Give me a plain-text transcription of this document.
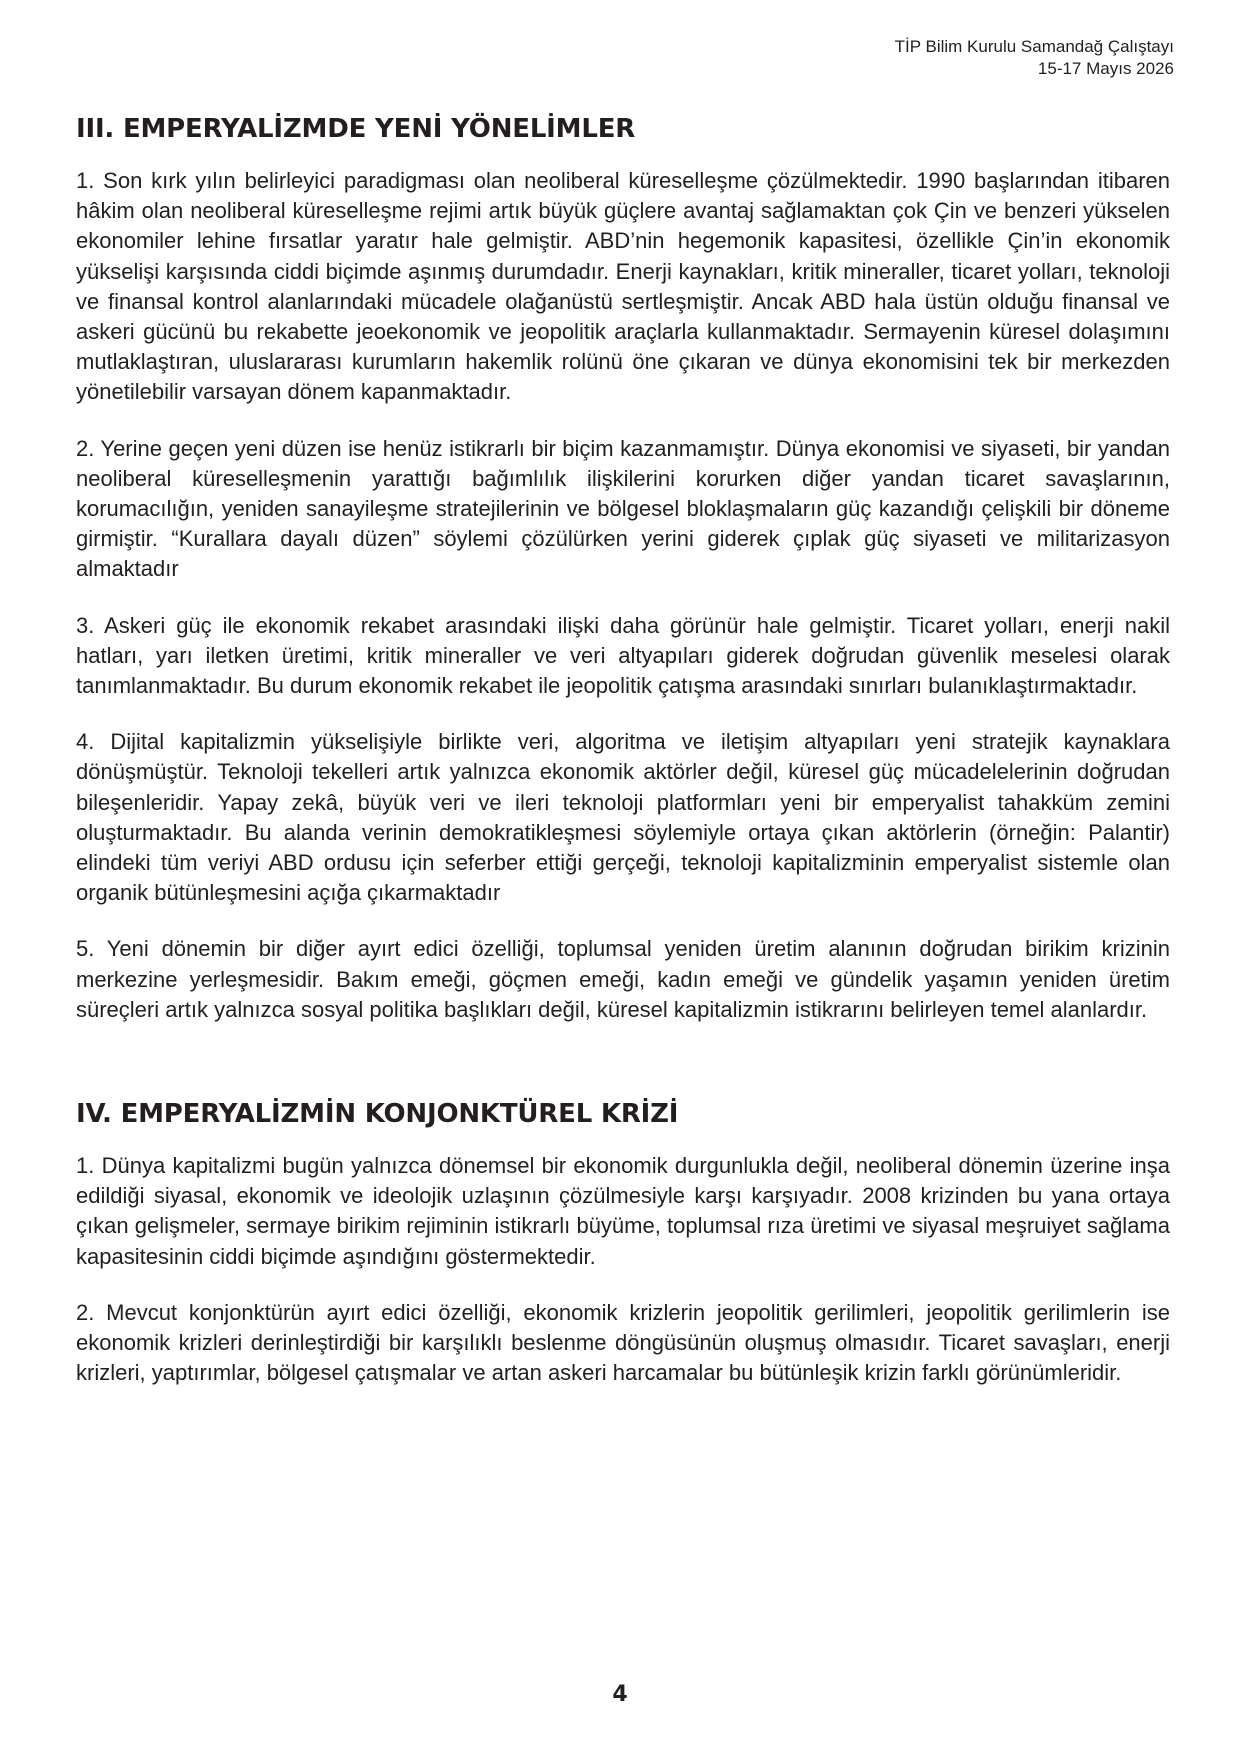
TİP Bilim Kurulu Samandağ Çalıştayı
15-17 Mayıs 2026
III. EMPERYALİZMDE YENİ YÖNELİMLER

1. Son kırk yılın belirleyici paradigması olan neoliberal küreselleşme çözülmektedir. 1990 başlarından itibaren hâkim olan neoliberal küreselleşme rejimi artık büyük güçlere avantaj sağlamaktan çok Çin ve benzeri yükselen ekonomiler lehine fırsatlar yaratır hale gelmiştir. ABD’nin hegemonik kapasitesi, özellikle Çin’in ekonomik yükselişi karşısında ciddi biçimde aşınmış durumdadır. Enerji kaynakları, kritik mineraller, ticaret yolları, teknoloji ve finansal kontrol alanlarındaki mücadele olağanüstü sertleşmiştir. Ancak ABD hala üstün olduğu finansal ve askeri gücünü bu rekabette jeoekonomik ve jeopolitik araçlarla kullanmaktadır. Sermayenin küresel dolaşımını mutlaklaştıran, uluslararası kurumların hakemlik rolünü öne çıkaran ve dünya ekonomisini tek bir merkezden yönetilebilir varsayan dönem kapanmaktadır.

2. Yerine geçen yeni düzen ise henüz istikrarlı bir biçim kazanmamıştır. Dünya ekonomisi ve siyaseti, bir yandan neoliberal küreselleşmenin yarattığı bağımlılık ilişkilerini korurken diğer yandan ticaret savaşlarının, korumacılığın, yeniden sanayileşme stratejilerinin ve bölgesel bloklaşmaların güç kazandığı çelişkili bir döneme girmiştir. “Kurallara dayalı düzen” söylemi çözülürken yerini giderek çıplak güç siyaseti ve militarizasyon almaktadır

3. Askeri güç ile ekonomik rekabet arasındaki ilişki daha görünür hale gelmiştir. Ticaret yolları, enerji nakil hatları, yarı iletken üretimi, kritik mineraller ve veri altyapıları giderek doğrudan güvenlik meselesi olarak tanımlanmaktadır. Bu durum ekonomik rekabet ile jeopolitik çatışma arasındaki sınırları bulanıklaştırmaktadır.

4. Dijital kapitalizmin yükselişiyle birlikte veri, algoritma ve iletişim altyapıları yeni stratejik kaynaklara dönüşmüştür. Teknoloji tekelleri artık yalnızca ekonomik aktörler değil, küresel güç mücadelelerinin doğrudan bileşenleridir. Yapay zekâ, büyük veri ve ileri teknoloji platformları yeni bir emperyalist tahakküm zemini oluşturmaktadır. Bu alanda verinin demokratikleşmesi söylemiyle ortaya çıkan aktörlerin (örneğin: Palantir) elindeki tüm veriyi ABD ordusu için seferber ettiği gerçeği, teknoloji kapitalizminin emperyalist sistemle olan organik bütünleşmesini açığa çıkarmaktadır

5. Yeni dönemin bir diğer ayırt edici özelliği, toplumsal yeniden üretim alanının doğrudan birikim krizinin merkezine yerleşmesidir. Bakım emeği, göçmen emeği, kadın emeği ve gündelik yaşamın yeniden üretim süreçleri artık yalnızca sosyal politika başlıkları değil, küresel kapitalizmin istikrarını belirleyen temel alanlardır.

IV. EMPERYALİZMİN KONJONKTÜREL KRİZİ

1. Dünya kapitalizmi bugün yalnızca dönemsel bir ekonomik durgunlukla değil, neoliberal dönemin üzerine inşa edildiği siyasal, ekonomik ve ideolojik uzlaşının çözülmesiyle karşı karşıyadır. 2008 krizinden bu yana ortaya çıkan gelişmeler, sermaye birikim rejiminin istikrarlı büyüme, toplumsal rıza üretimi ve siyasal meşruiyet sağlama kapasitesinin ciddi biçimde aşındığını göstermektedir.

2. Mevcut konjonktürün ayırt edici özelliği, ekonomik krizlerin jeopolitik gerilimleri, jeopolitik gerilimlerin ise ekonomik krizleri derinleştirdiği bir karşılıklı beslenme döngüsünün oluşmuş olmasıdır. Ticaret savaşları, enerji krizleri, yaptırımlar, bölgesel çatışmalar ve artan askeri harcamalar bu bütünleşik krizin farklı görünümleridir.

4
